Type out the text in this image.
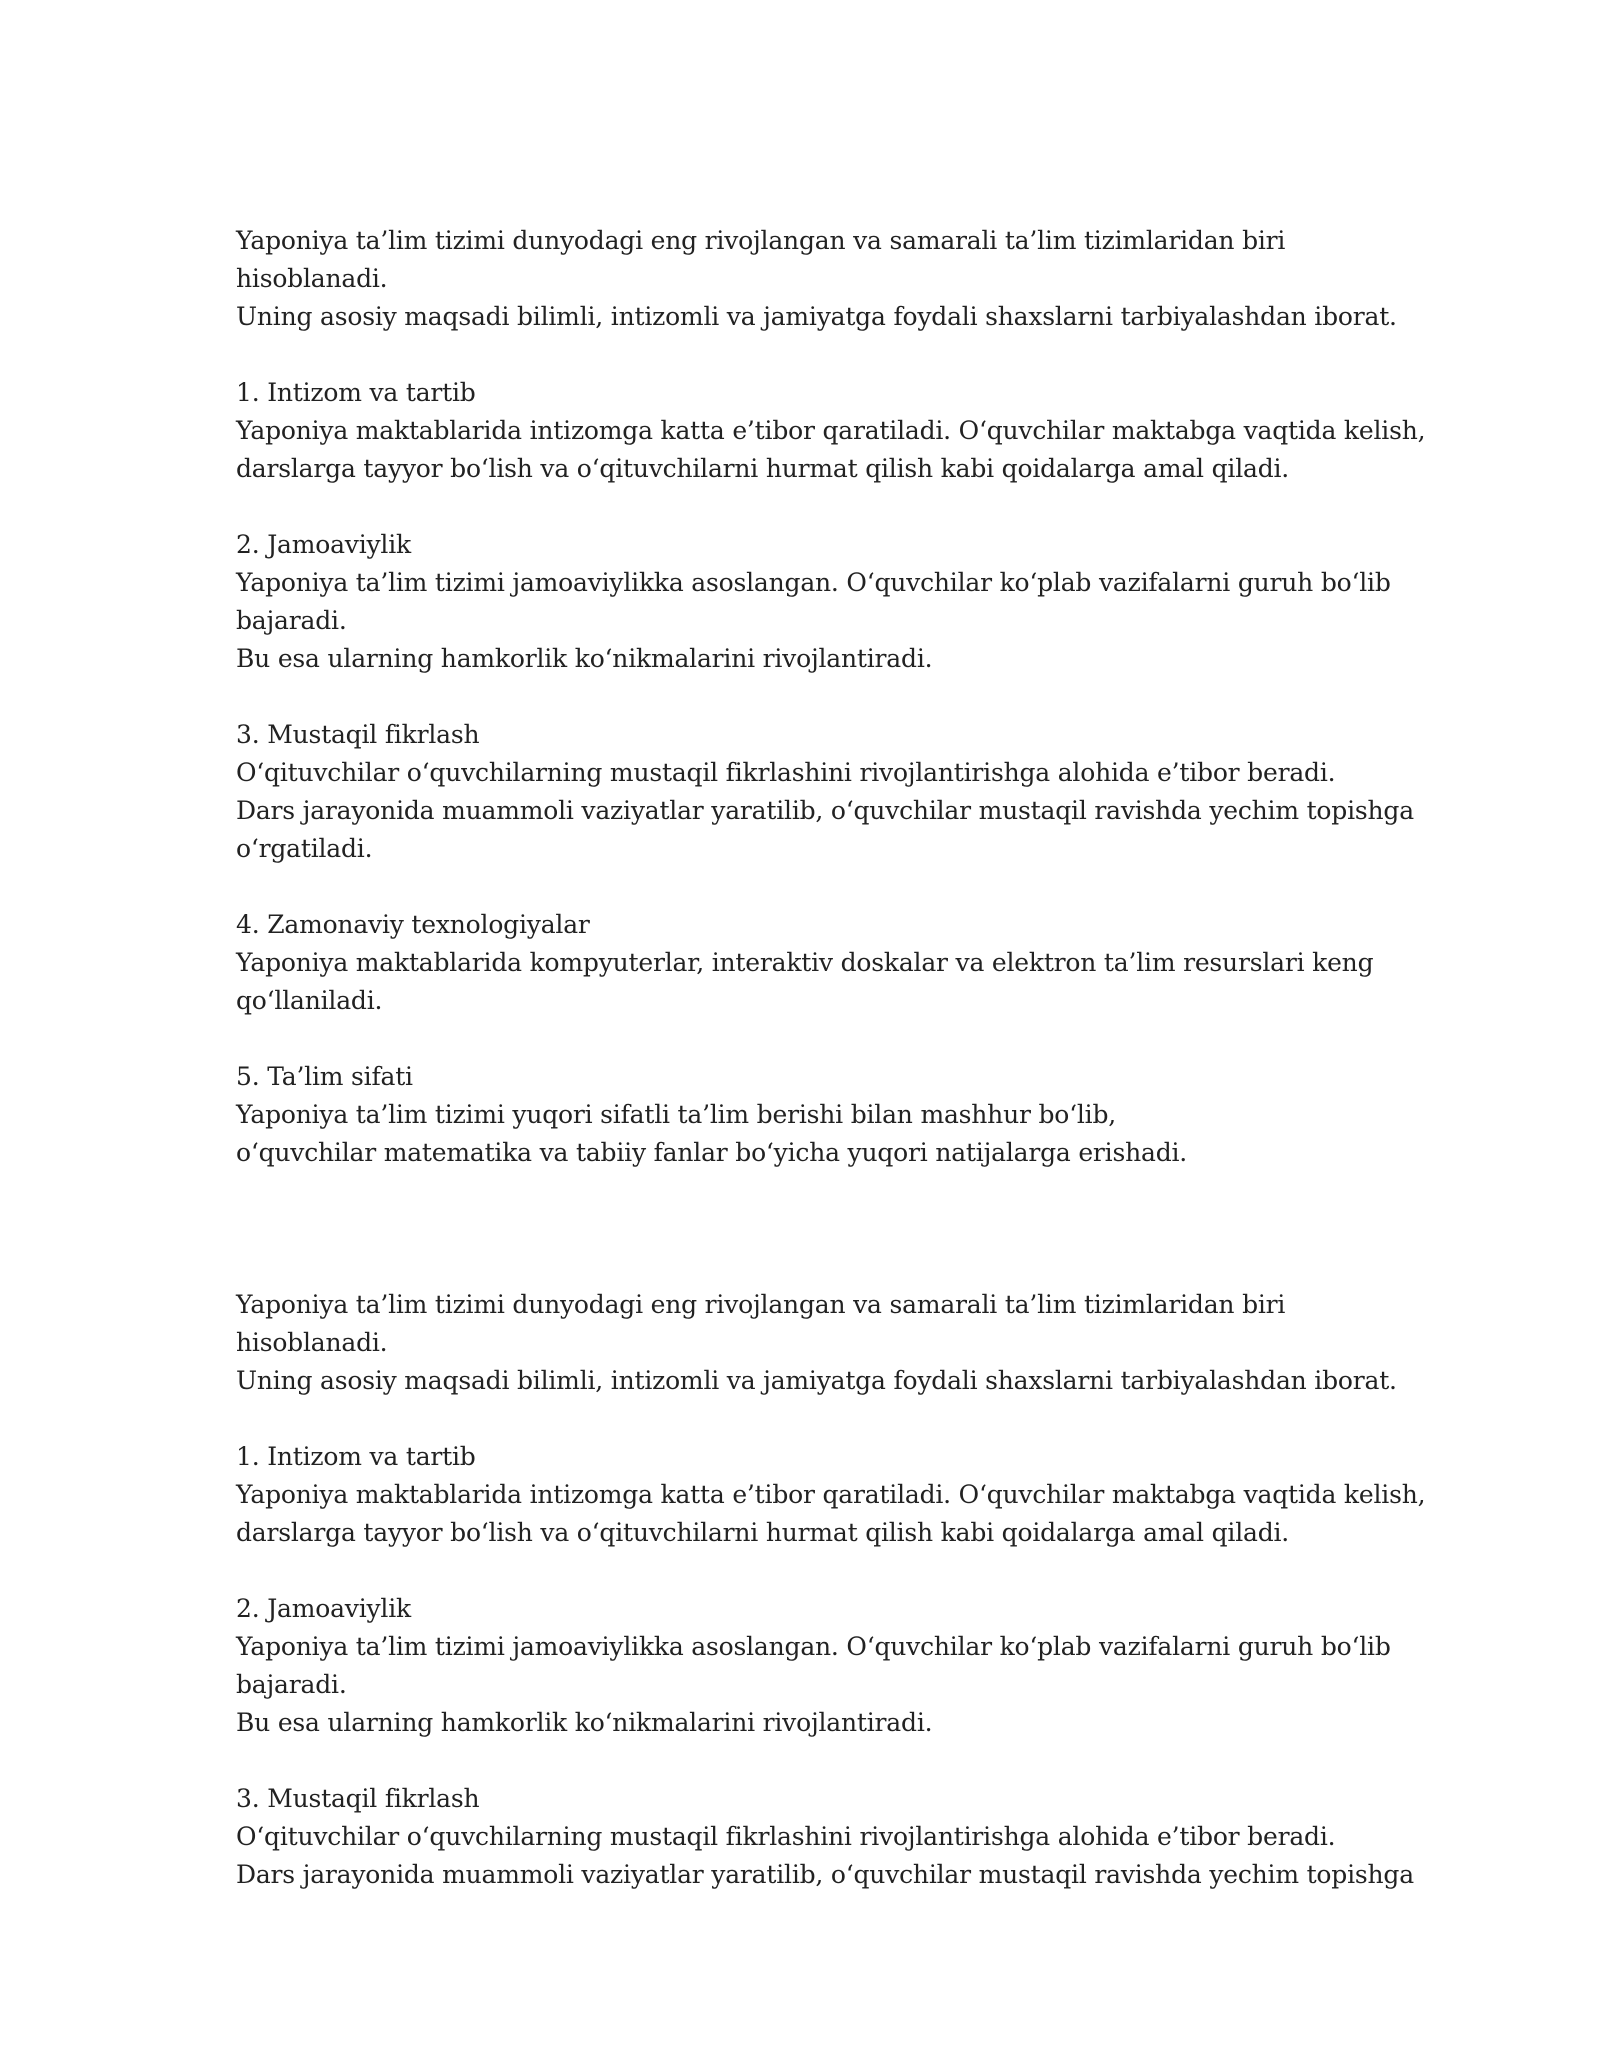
Yaponiya ta’lim tizimi dunyodagi eng rivojlangan va samarali ta’lim tizimlaridan biri
hisoblanadi.
Uning asosiy maqsadi bilimli, intizomli va jamiyatga foydali shaxslarni tarbiyalashdan iborat.
1. Intizom va tartib
Yaponiya maktablarida intizomga katta e’tibor qaratiladi. O‘quvchilar maktabga vaqtida kelish,
darslarga tayyor bo‘lish va o‘qituvchilarni hurmat qilish kabi qoidalarga amal qiladi.
2. Jamoaviylik
Yaponiya ta’lim tizimi jamoaviylikka asoslangan. O‘quvchilar ko‘plab vazifalarni guruh bo‘lib
bajaradi.
Bu esa ularning hamkorlik ko‘nikmalarini rivojlantiradi.
3. Mustaqil fikrlash
O‘qituvchilar o‘quvchilarning mustaqil fikrlashini rivojlantirishga alohida e’tibor beradi.
Dars jarayonida muammoli vaziyatlar yaratilib, o‘quvchilar mustaqil ravishda yechim topishga
o‘rgatiladi.
4. Zamonaviy texnologiyalar
Yaponiya maktablarida kompyuterlar, interaktiv doskalar va elektron ta’lim resurslari keng
qo‘llaniladi.
5. Ta’lim sifati
Yaponiya ta’lim tizimi yuqori sifatli ta’lim berishi bilan mashhur bo‘lib,
o‘quvchilar matematika va tabiiy fanlar bo‘yicha yuqori natijalarga erishadi.
Yaponiya ta’lim tizimi dunyodagi eng rivojlangan va samarali ta’lim tizimlaridan biri
hisoblanadi.
Uning asosiy maqsadi bilimli, intizomli va jamiyatga foydali shaxslarni tarbiyalashdan iborat.
1. Intizom va tartib
Yaponiya maktablarida intizomga katta e’tibor qaratiladi. O‘quvchilar maktabga vaqtida kelish,
darslarga tayyor bo‘lish va o‘qituvchilarni hurmat qilish kabi qoidalarga amal qiladi.
2. Jamoaviylik
Yaponiya ta’lim tizimi jamoaviylikka asoslangan. O‘quvchilar ko‘plab vazifalarni guruh bo‘lib
bajaradi.
Bu esa ularning hamkorlik ko‘nikmalarini rivojlantiradi.
3. Mustaqil fikrlash
O‘qituvchilar o‘quvchilarning mustaqil fikrlashini rivojlantirishga alohida e’tibor beradi.
Dars jarayonida muammoli vaziyatlar yaratilib, o‘quvchilar mustaqil ravishda yechim topishga
